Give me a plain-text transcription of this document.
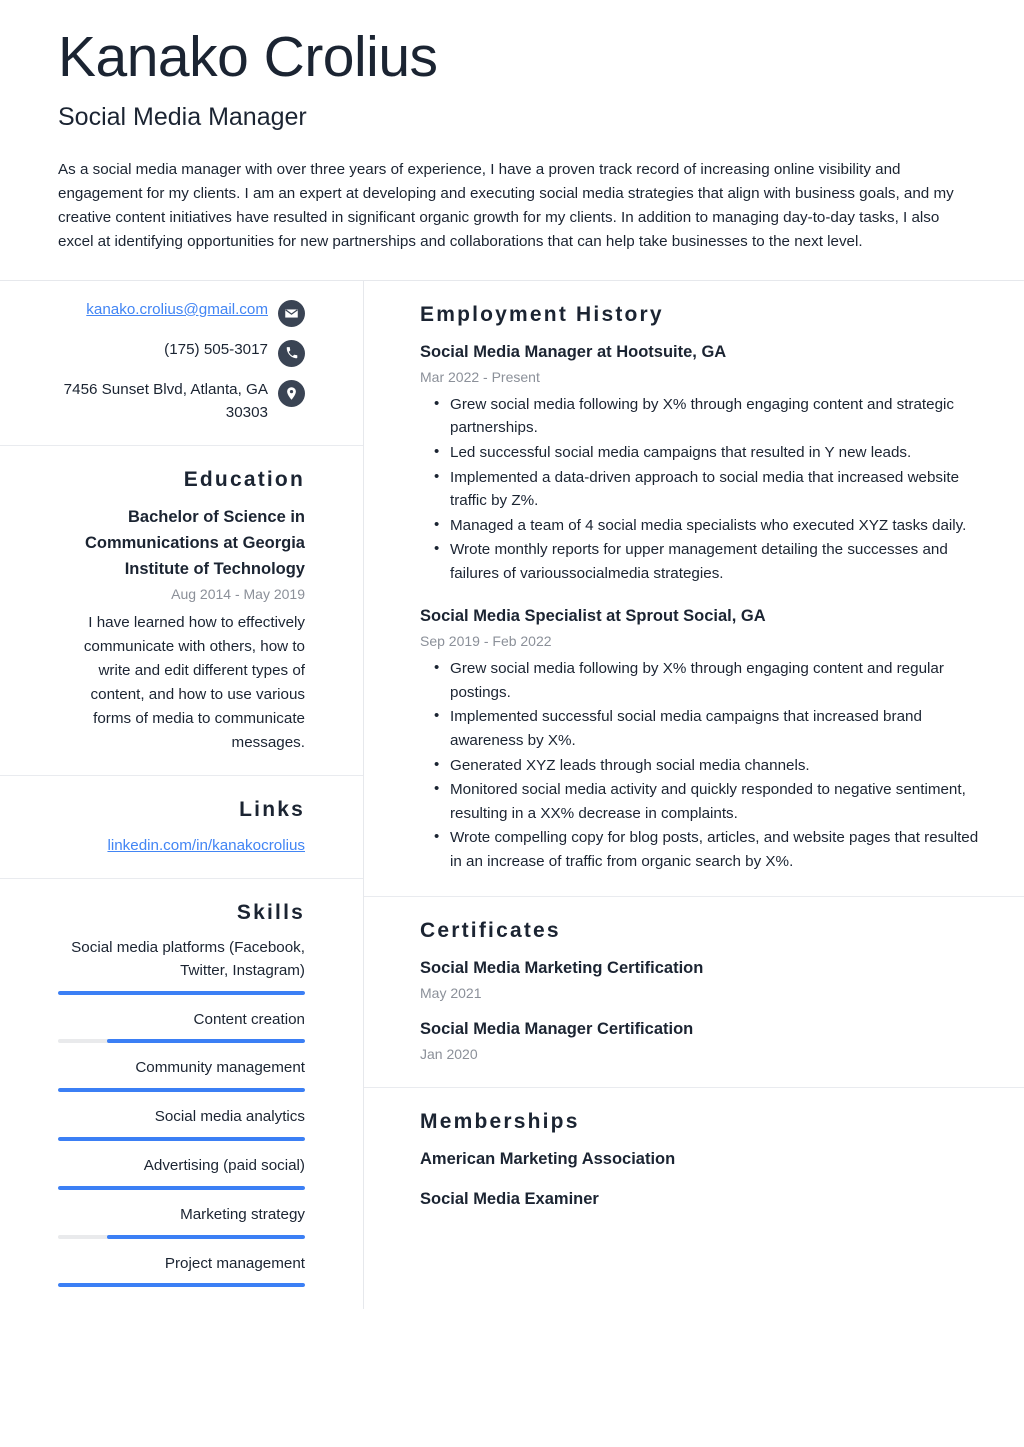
Kanako Crolius
Social Media Manager
As a social media manager with over three years of experience, I have a proven track record of increasing online visibility and engagement for my clients. I am an expert at developing and executing social media strategies that align with business goals, and my creative content initiatives have resulted in significant organic growth for my clients. In addition to managing day-to-day tasks, I also excel at identifying opportunities for new partnerships and collaborations that can help take businesses to the next level.
kanako.crolius@gmail.com
(175) 505-3017
7456 Sunset Blvd, Atlanta, GA 30303
Education
Bachelor of Science in Communications at Georgia Institute of Technology
Aug 2014 - May 2019
I have learned how to effectively communicate with others, how to write and edit different types of content, and how to use various forms of media to communicate messages.
Links
linkedin.com/in/kanakocrolius
Skills
Social media platforms (Facebook, Twitter, Instagram)
Content creation
Community management
Social media analytics
Advertising (paid social)
Marketing strategy
Project management
Employment History
Social Media Manager at Hootsuite, GA
Mar 2022 - Present
• Grew social media following by X% through engaging content and strategic partnerships.
• Led successful social media campaigns that resulted in Y new leads.
• Implemented a data-driven approach to social media that increased website traffic by Z%.
• Managed a team of 4 social media specialists who executed XYZ tasks daily.
• Wrote monthly reports for upper management detailing the successes and failures of varioussocialmedia strategies.
Social Media Specialist at Sprout Social, GA
Sep 2019 - Feb 2022
• Grew social media following by X% through engaging content and regular postings.
• Implemented successful social media campaigns that increased brand awareness by X%.
• Generated XYZ leads through social media channels.
• Monitored social media activity and quickly responded to negative sentiment, resulting in a XX% decrease in complaints.
• Wrote compelling copy for blog posts, articles, and website pages that resulted in an increase of traffic from organic search by X%.
Certificates
Social Media Marketing Certification
May 2021
Social Media Manager Certification
Jan 2020
Memberships
American Marketing Association
Social Media Examiner
